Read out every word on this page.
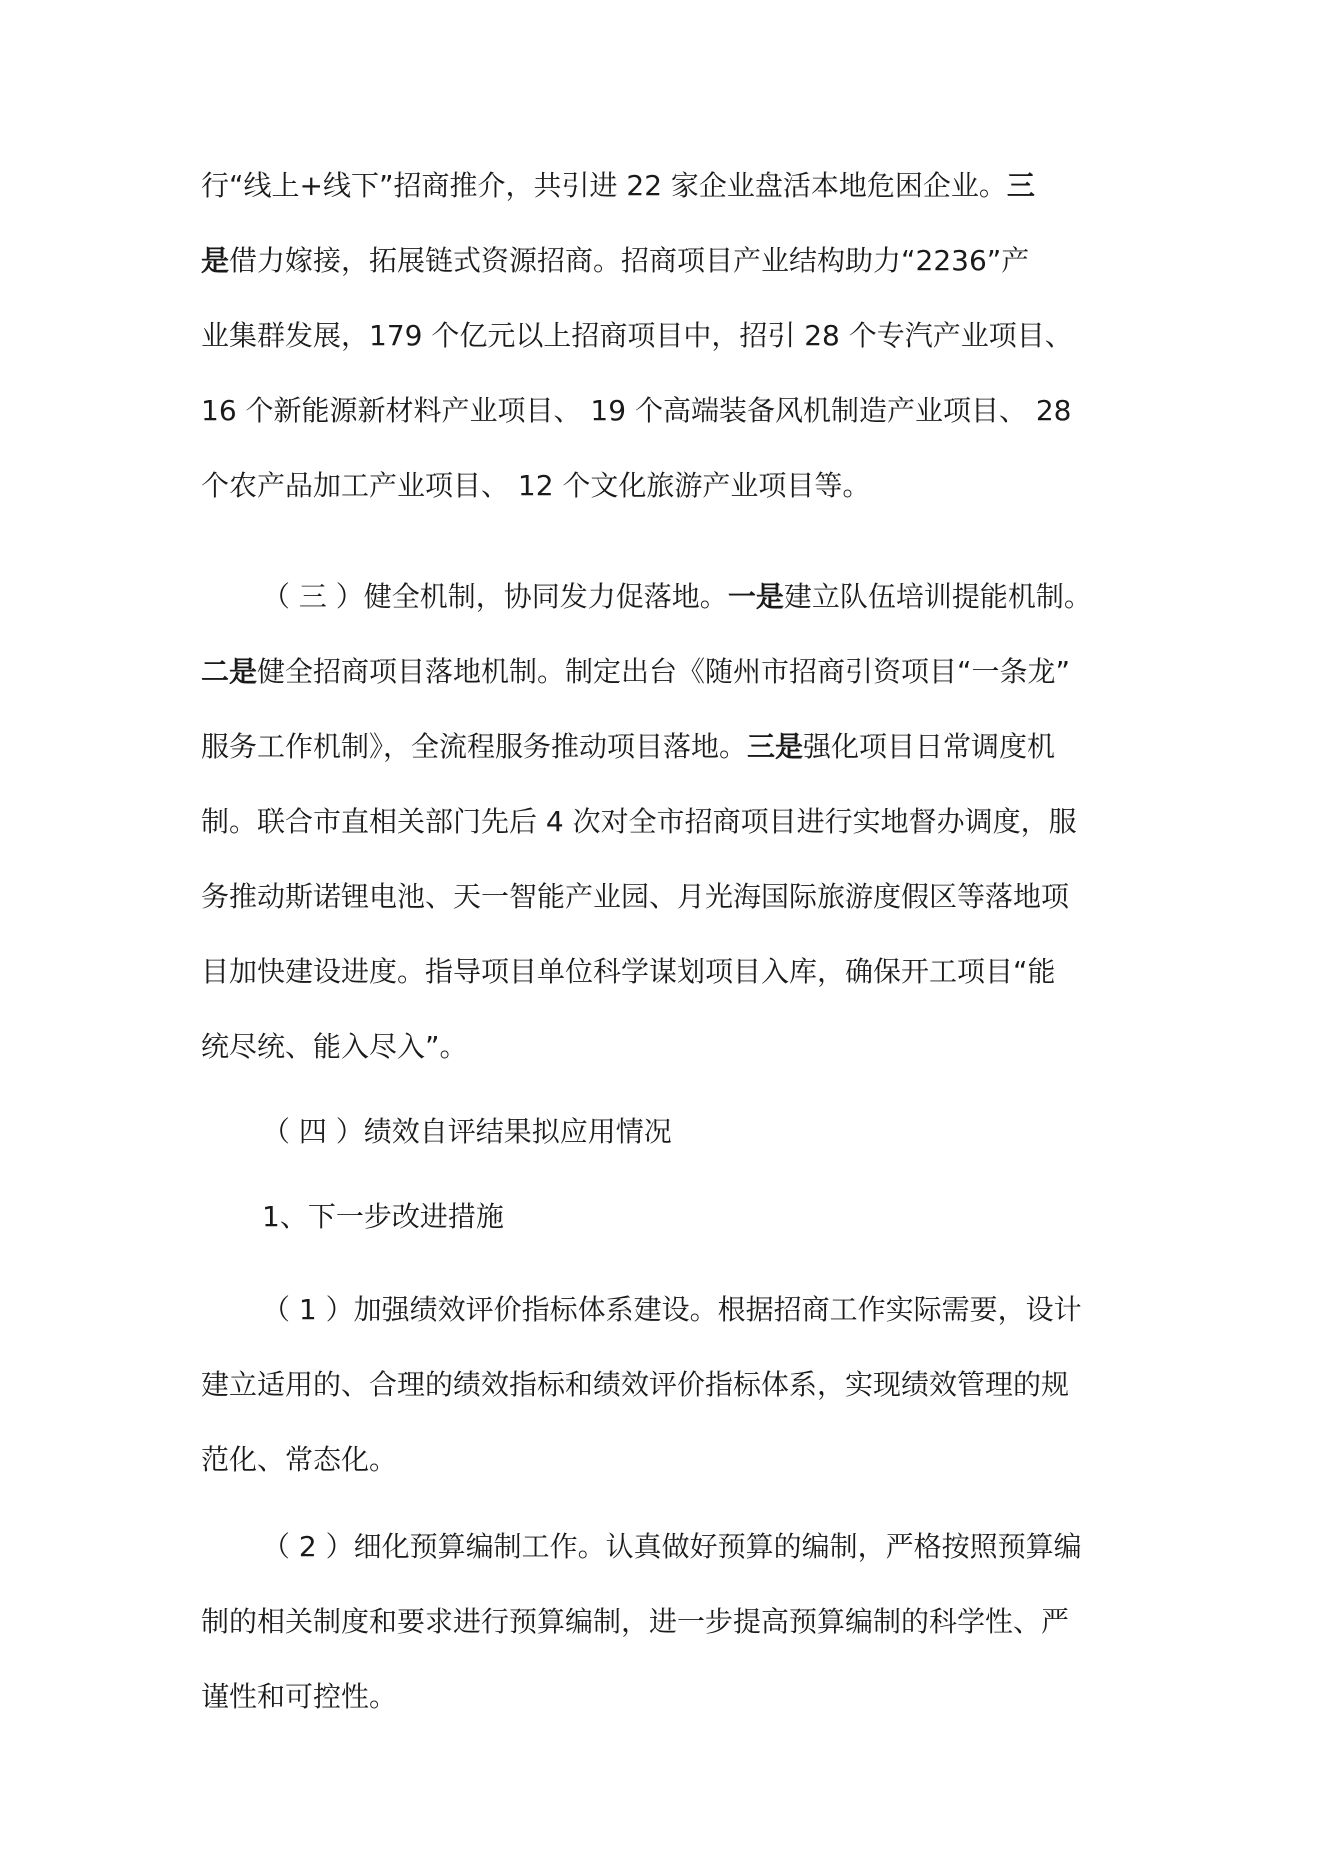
行“线上+线下”招商推介，共引进 22 家企业盘活本地危困企业。三
是借力嫁接，拓展链式资源招商。招商项目产业结构助力“2236”产
业集群发展，179 个亿元以上招商项目中，招引 28 个专汽产业项目、
16 个新能源新材料产业项目、 19 个高端装备风机制造产业项目、 28
个农产品加工产业项目、 12 个文化旅游产业项目等。
（ 三 ）健全机制，协同发力促落地。一是建立队伍培训提能机制。
二是健全招商项目落地机制。制定出台《随州市招商引资项目“一条龙”
服务工作机制》，全流程服务推动项目落地。三是强化项目日常调度机
制。联合市直相关部门先后 4 次对全市招商项目进行实地督办调度，服
务推动斯诺锂电池、天一智能产业园、月光海国际旅游度假区等落地项
目加快建设进度。指导项目单位科学谋划项目入库，确保开工项目“能
统尽统、能入尽入”。
（ 四 ）绩效自评结果拟应用情况
1、下一步改进措施
（ 1 ）加强绩效评价指标体系建设。根据招商工作实际需要，设计
建立适用的、合理的绩效指标和绩效评价指标体系，实现绩效管理的规
范化、常态化。
（ 2 ）细化预算编制工作。认真做好预算的编制，严格按照预算编
制的相关制度和要求进行预算编制，进一步提高预算编制的科学性、严
谨性和可控性。
